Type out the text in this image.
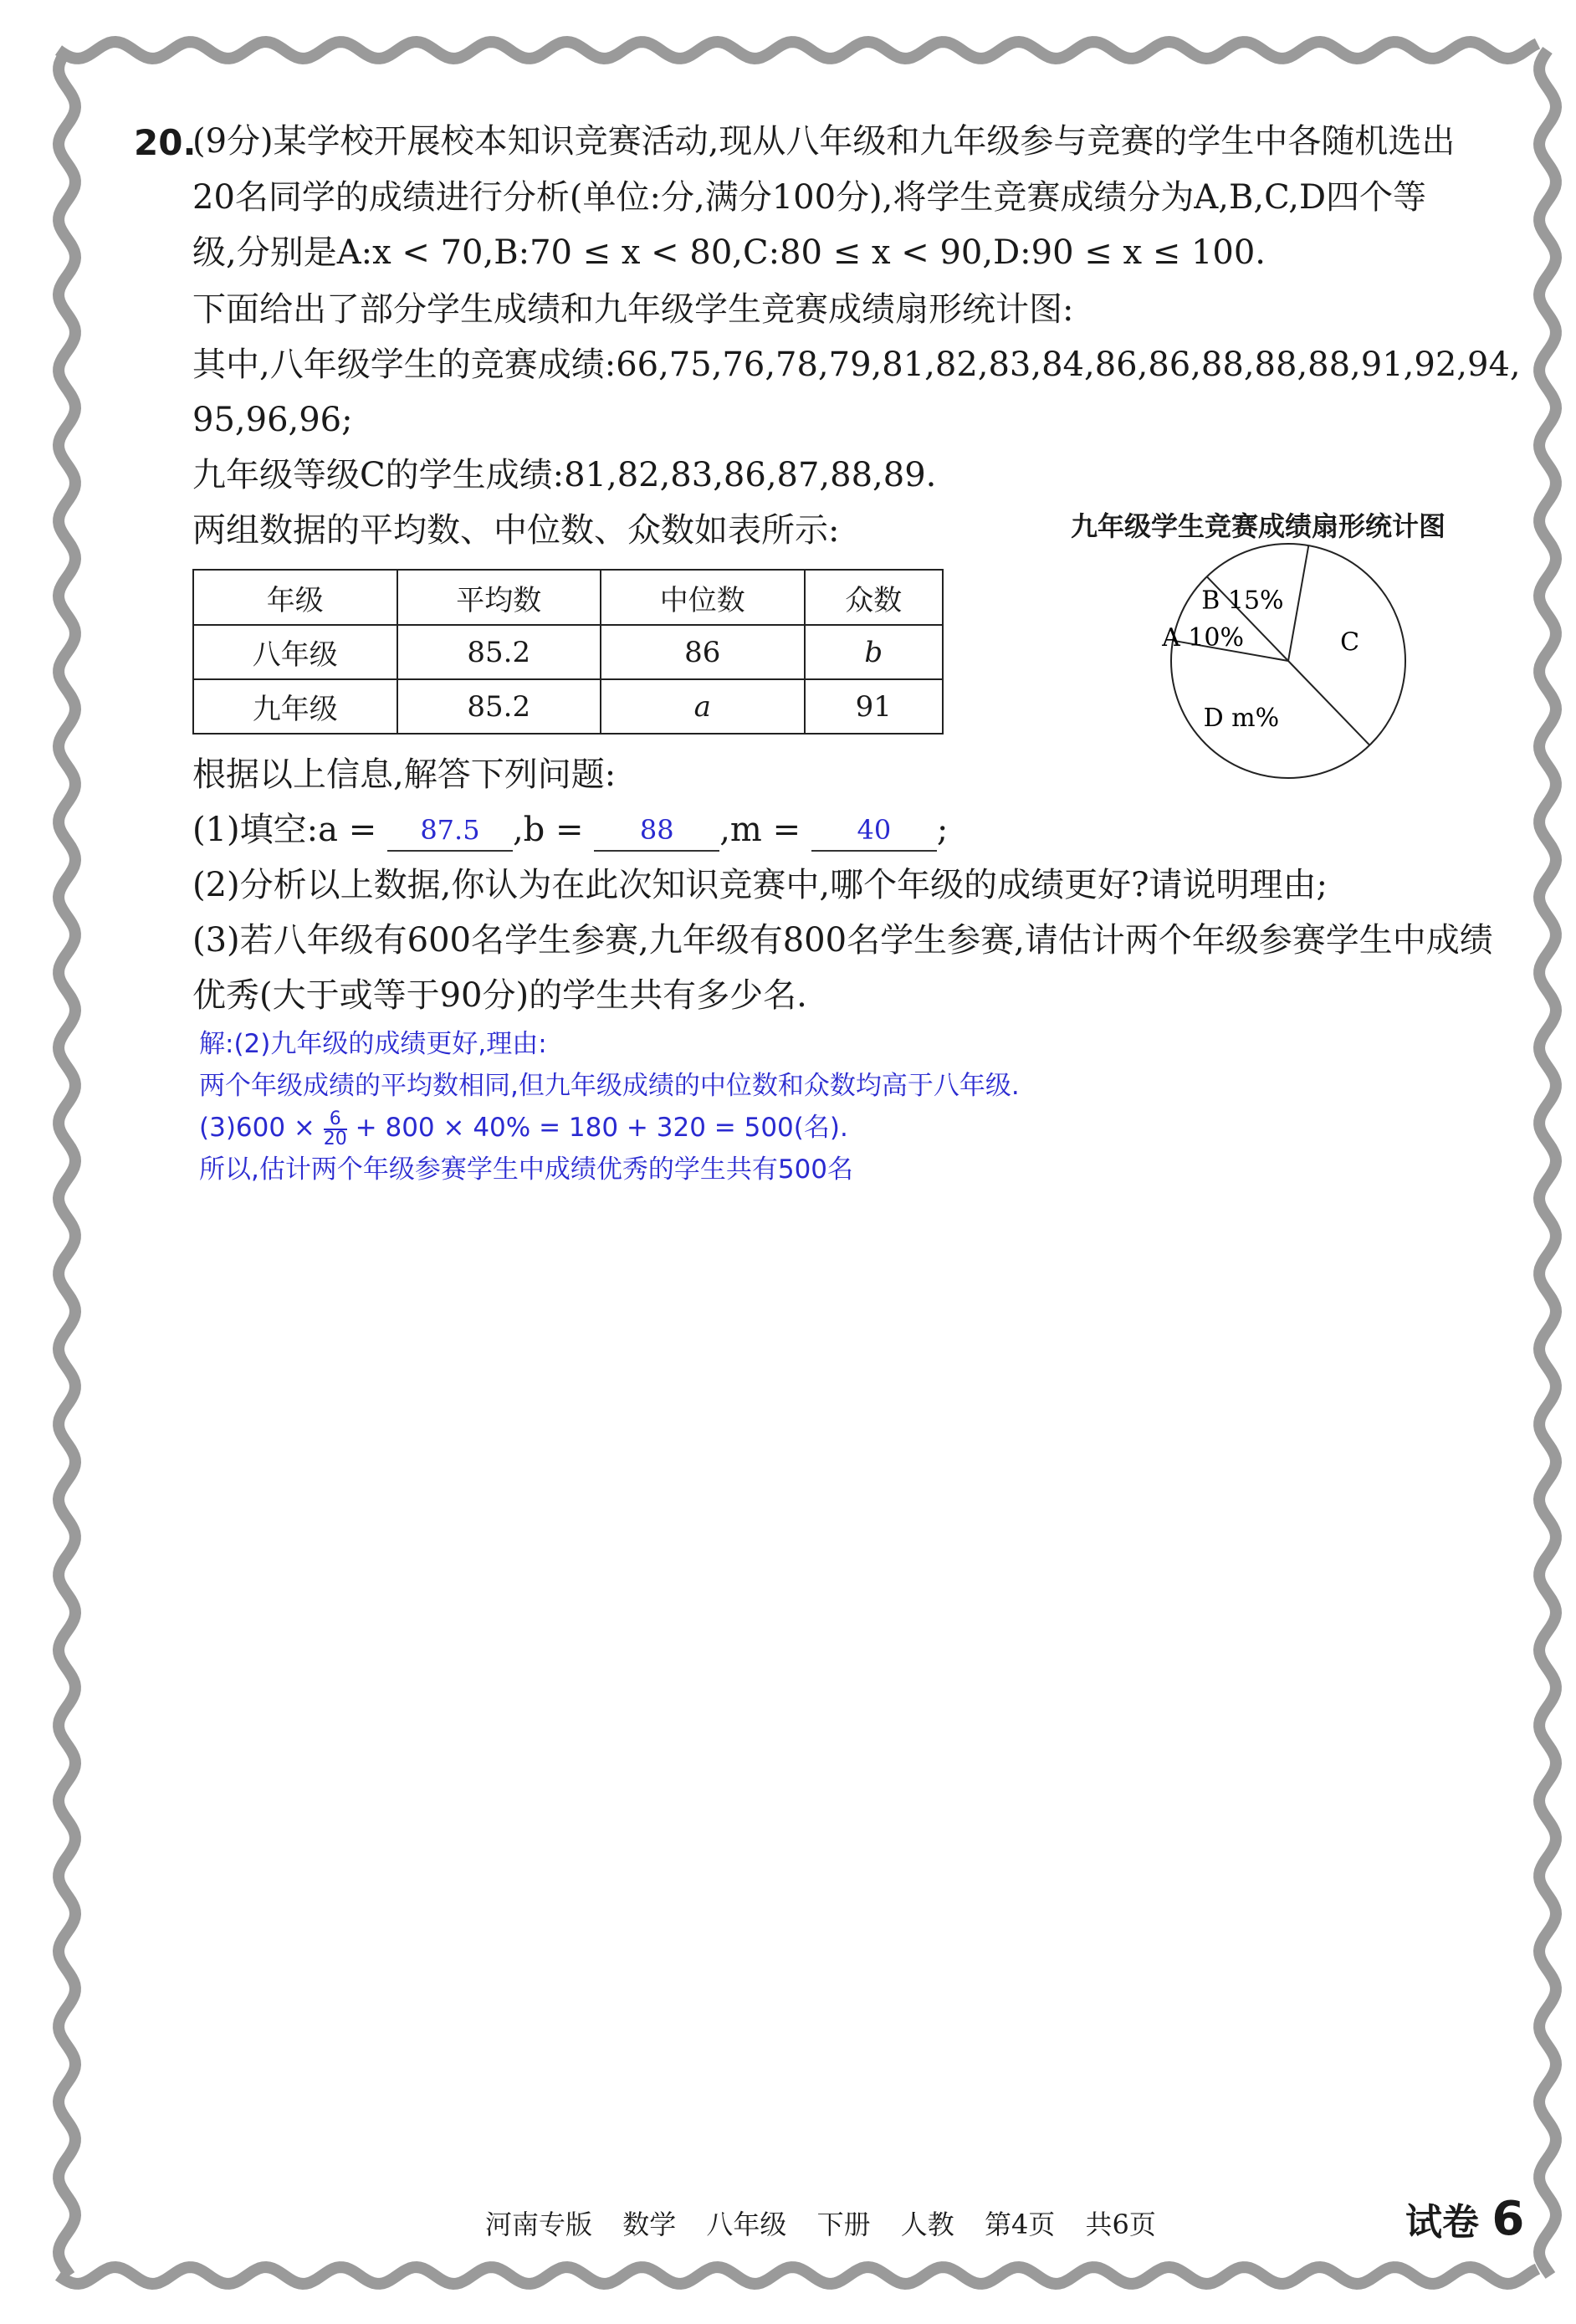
20.
(9分)某学校开展校本知识竞赛活动,现从八年级和九年级参与竞赛的学生中各随机选出
20名同学的成绩进行分析(单位:分,满分100分),将学生竞赛成绩分为A,B,C,D四个等
级,分别是A:x < 70,B:70 ≤ x < 80,C:80 ≤ x < 90,D:90 ≤ x ≤ 100.
下面给出了部分学生成绩和九年级学生竞赛成绩扇形统计图:
其中,八年级学生的竞赛成绩:66,75,76,78,79,81,82,83,84,86,86,88,88,88,91,92,94,
95,96,96;
九年级等级C的学生成绩:81,82,83,86,87,88,89.
两组数据的平均数、中位数、众数如表所示:
年级	平均数	中位数	众数
八年级	85.2	86	b
九年级	85.2	a	91
九年级学生竞赛成绩扇形统计图
A 10%
B 15%
C
D m%
根据以上信息,解答下列问题:
(1)填空:a =	87.5 ,b =	88	,m =	40	;
(2)分析以上数据,你认为在此次知识竞赛中,哪个年级的成绩更好?请说明理由;
(3)若八年级有600名学生参赛,九年级有800名学生参赛,请估计两个年级参赛学生中成绩
优秀(大于或等于90分)的学生共有多少名.
解:(2)九年级的成绩更好,理由:
两个年级成绩的平均数相同,但九年级成绩的中位数和众数均高于八年级.
$(3)600 \times \frac{6}{20} + 800 \times 40\% = 180 + 320 = 500$(名).
所以,估计两个年级参赛学生中成绩优秀的学生共有500名
河南专版 数学 八年级 下册 人教 第4页 共6页	试卷 6
